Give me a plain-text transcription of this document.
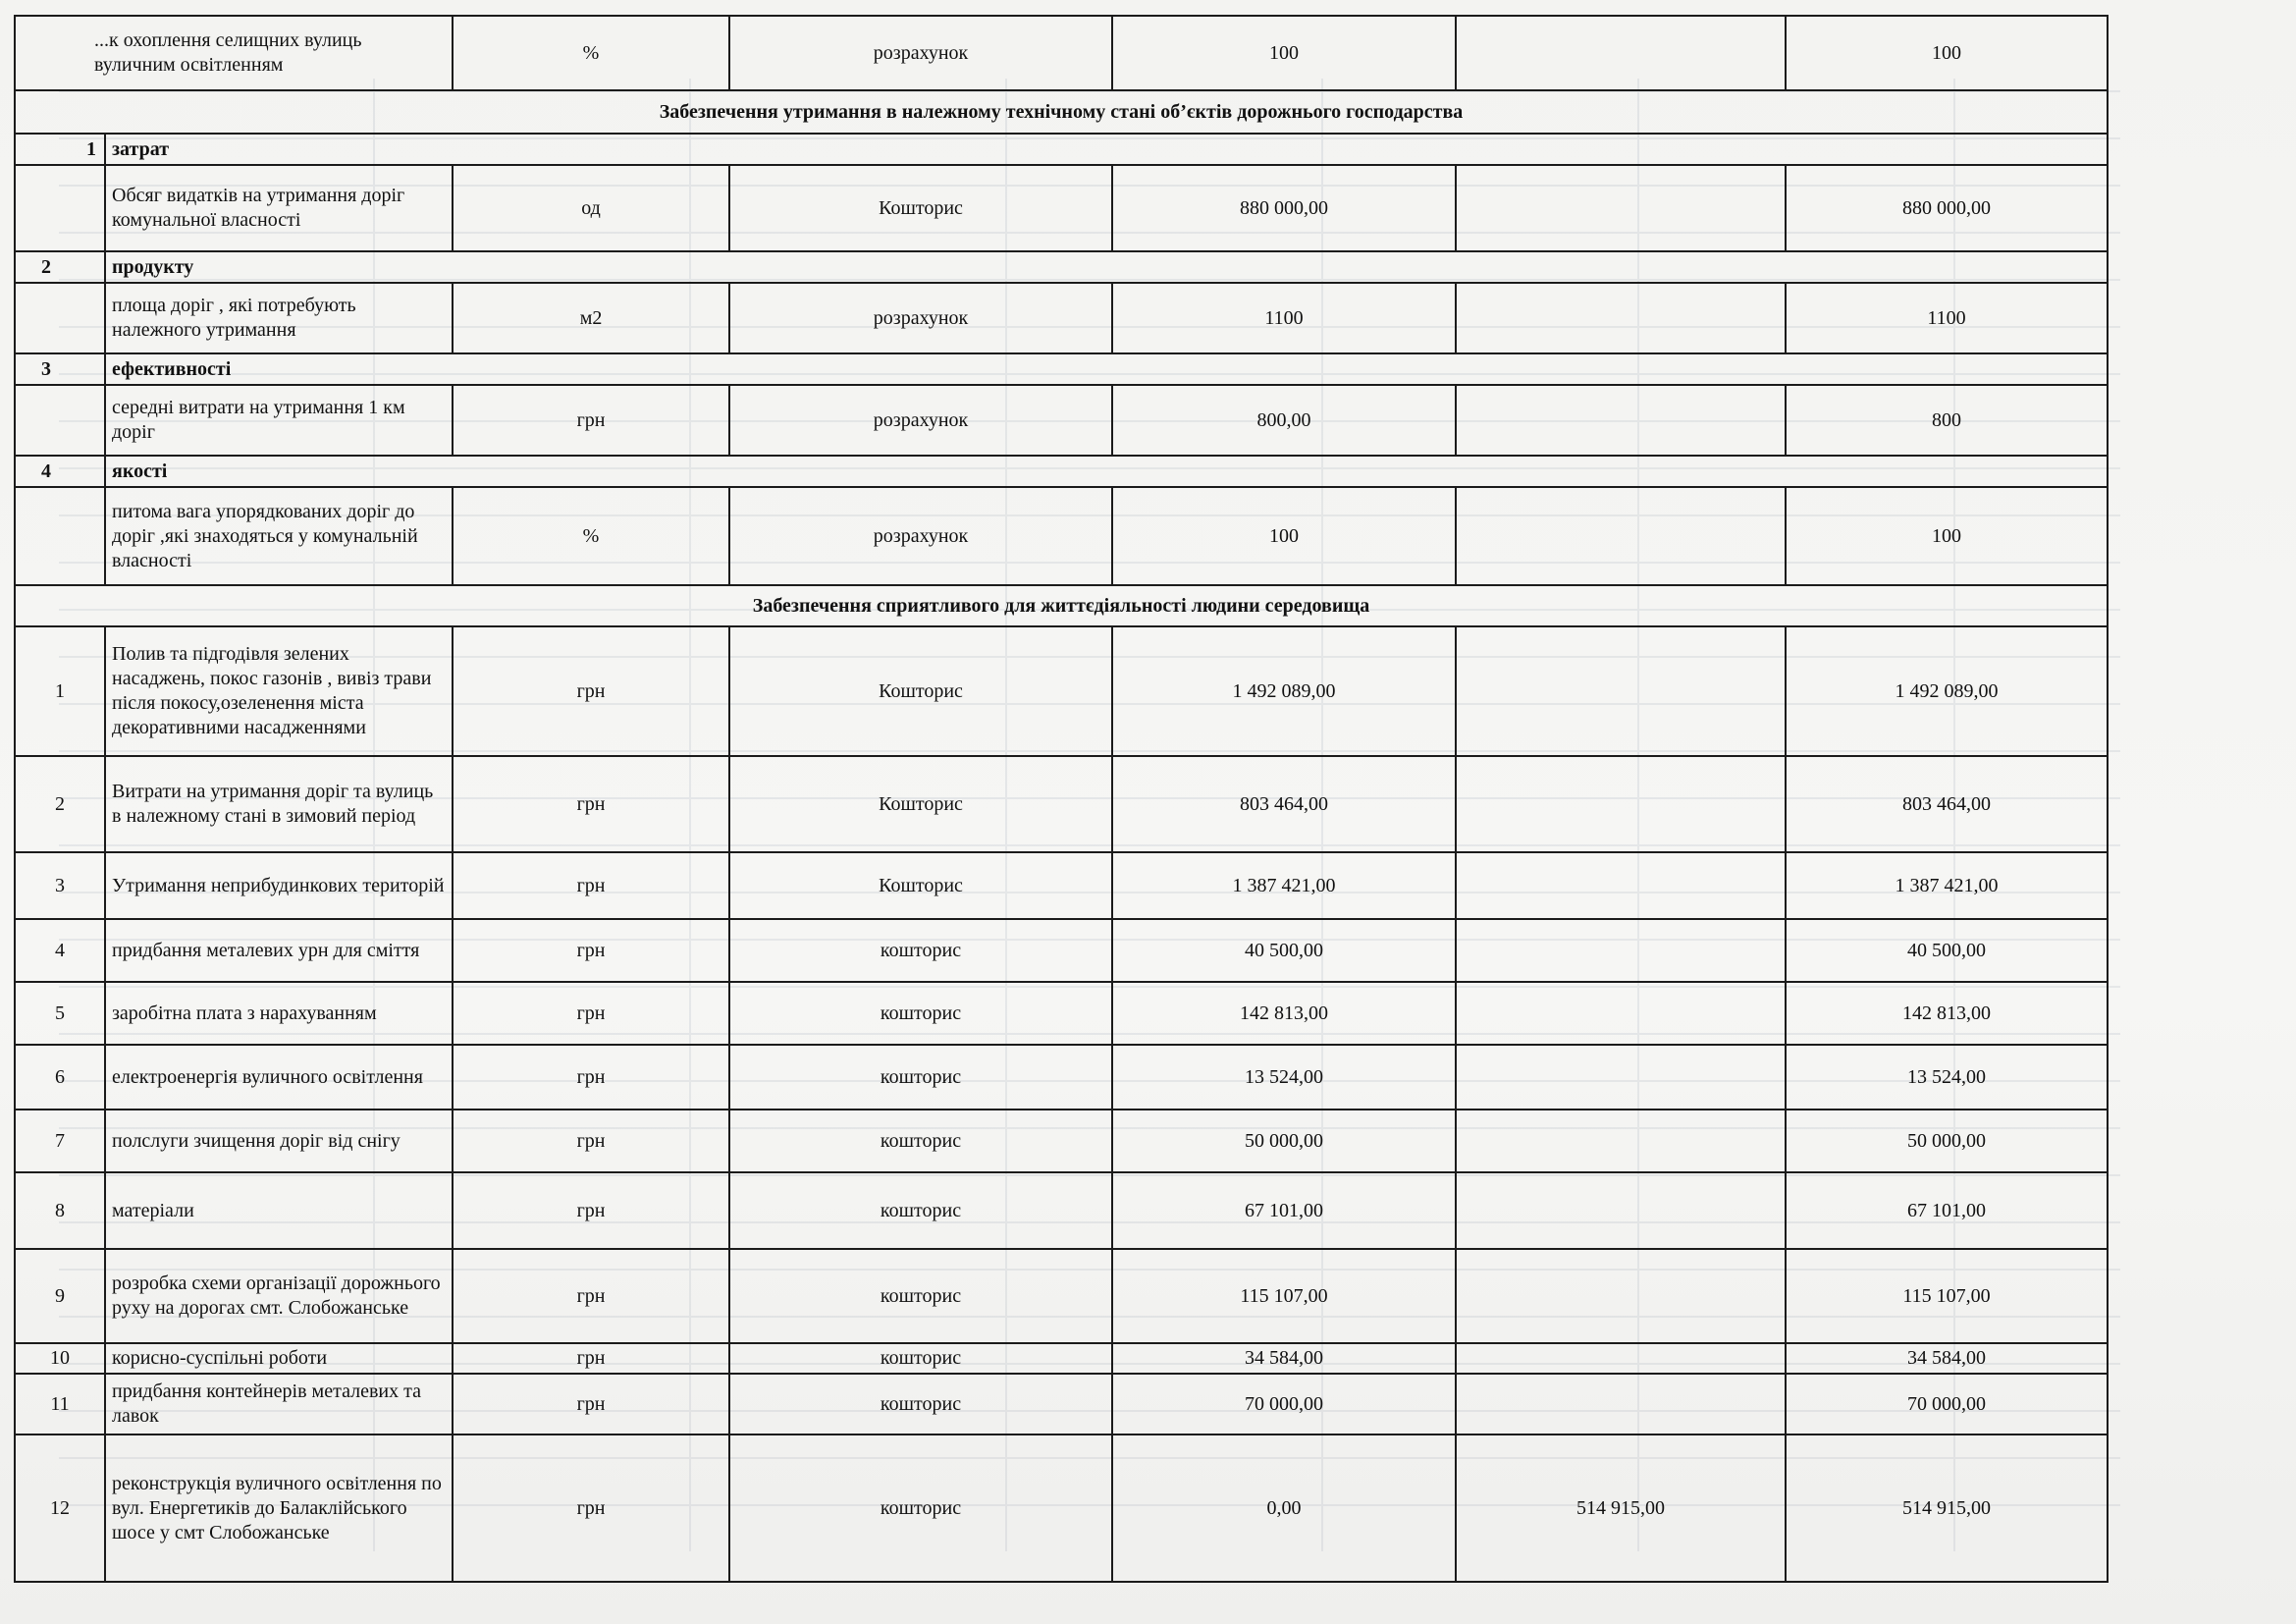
...к охоплення селищних вулиць вуличним освітленням		%	розрахунок	100		100
Забезпечення утримання в належному технічному стані об’єктів дорожнього господарства						
1	затрат					
	Обсяг видатків на утримання доріг комунальної власності	од	Кошторис	880 000,00		880 000,00
2	продукту					
	площа доріг , які потребують належного утримання	м2	розрахунок	1100		1100
3	ефективності					
	середні витрати на утримання 1 км доріг	грн	розрахунок	800,00		800
4	якості					
	питома вага упорядкованих доріг до доріг ,які знаходяться у комунальній власності	%	розрахунок	100		100
Забезпечення сприятливого для життєдіяльності людини середовища						
1	Полив та підгодівля зелених насаджень, покос газонів , вивіз трави після покосу,озеленення міста декоративними насадженнями	грн	Кошторис	1 492 089,00		1 492 089,00
2	Витрати на утримання доріг та вулиць в належному стані в зимовий період	грн	Кошторис	803 464,00		803 464,00
3	Утримання неприбудинкових територій	грн	Кошторис	1 387 421,00		1 387 421,00
4	придбання металевих урн для сміття	грн	кошторис	40 500,00		40 500,00
5	заробітна плата з нарахуванням	грн	кошторис	142 813,00		142 813,00
6	електроенергія вуличного освітлення	грн	кошторис	13 524,00		13 524,00
7	полслуги зчищення доріг від снігу	грн	кошторис	50 000,00		50 000,00
8	матеріали	грн	кошторис	67 101,00		67 101,00
9	розробка схеми організації дорожнього руху на дорогах смт. Слобожанське	грн	кошторис	115 107,00		115 107,00
10	корисно-суспільні роботи	грн	кошторис	34 584,00		34 584,00
11	придбання контейнерів металевих та лавок	грн	кошторис	70 000,00		70 000,00
12	реконструкція вуличного освітлення по вул. Енергетиків до Балаклійського шосе у смт Слобожанське	грн	кошторис	0,00	514 915,00	514 915,00
